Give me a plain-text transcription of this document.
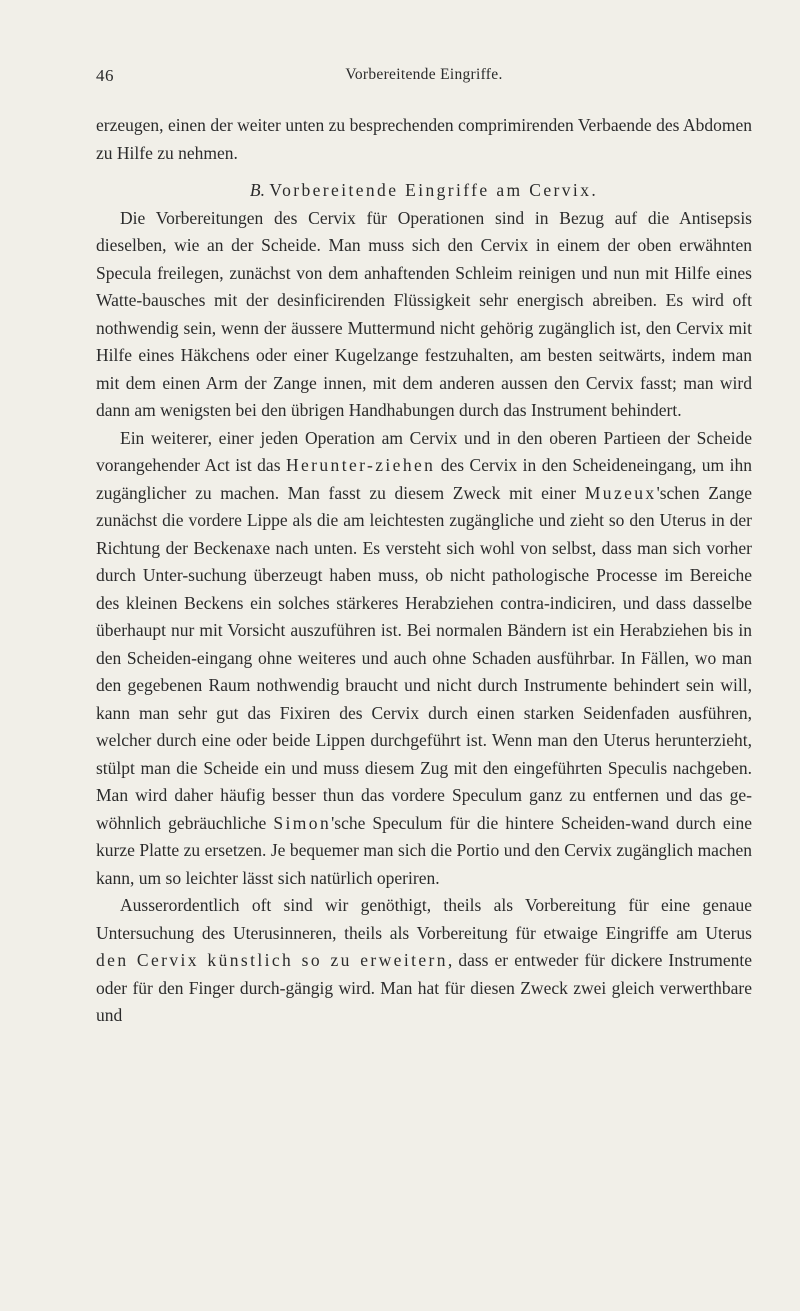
46	Vorbereitende Eingriffe.

erzeugen, einen der weiter unten zu besprechenden comprimirenden Verbaende des Abdomen zu Hilfe zu nehmen.

B. Vorbereitende Eingriffe am Cervix.

Die Vorbereitungen des Cervix für Operationen sind in Bezug auf die Antisepsis dieselben, wie an der Scheide. Man muss sich den Cervix in einem der oben erwähnten Specula freilegen, zunächst von dem anhaftenden Schleim reinigen und nun mit Hilfe eines Watte-bausches mit der desinficirenden Flüssigkeit sehr energisch abreiben. Es wird oft nothwendig sein, wenn der äussere Muttermund nicht gehörig zugänglich ist, den Cervix mit Hilfe eines Häkchens oder einer Kugelzange festzuhalten, am besten seitwärts, indem man mit dem einen Arm der Zange innen, mit dem anderen aussen den Cervix fasst; man wird dann am wenigsten bei den übrigen Handhabungen durch das Instrument behindert.

Ein weiterer, einer jeden Operation am Cervix und in den oberen Partieen der Scheide vorangehender Act ist das Herunter-ziehen des Cervix in den Scheideneingang, um ihn zugänglicher zu machen. Man fasst zu diesem Zweck mit einer Muzeux'schen Zange zunächst die vordere Lippe als die am leichtesten zugängliche und zieht so den Uterus in der Richtung der Beckenaxe nach unten. Es versteht sich wohl von selbst, dass man sich vorher durch Unter-suchung überzeugt haben muss, ob nicht pathologische Processe im Bereiche des kleinen Beckens ein solches stärkeres Herabziehen contra-indiciren, und dass dasselbe überhaupt nur mit Vorsicht auszuführen ist. Bei normalen Bändern ist ein Herabziehen bis in den Scheiden-eingang ohne weiteres und auch ohne Schaden ausführbar. In Fällen, wo man den gegebenen Raum nothwendig braucht und nicht durch Instrumente behindert sein will, kann man sehr gut das Fixiren des Cervix durch einen starken Seidenfaden ausführen, welcher durch eine oder beide Lippen durchgeführt ist. Wenn man den Uterus herunterzieht, stülpt man die Scheide ein und muss diesem Zug mit den eingeführten Speculis nachgeben. Man wird daher häufig besser thun das vordere Speculum ganz zu entfernen und das ge-wöhnlich gebräuchliche Simon'sche Speculum für die hintere Scheiden-wand durch eine kurze Platte zu ersetzen. Je bequemer man sich die Portio und den Cervix zugänglich machen kann, um so leichter lässt sich natürlich operiren.

Ausserordentlich oft sind wir genöthigt, theils als Vorbereitung für eine genaue Untersuchung des Uterusinneren, theils als Vorbereitung für etwaige Eingriffe am Uterus den Cervix künstlich so zu erweitern, dass er entweder für dickere Instrumente oder für den Finger durch-gängig wird. Man hat für diesen Zweck zwei gleich verwerthbare und
